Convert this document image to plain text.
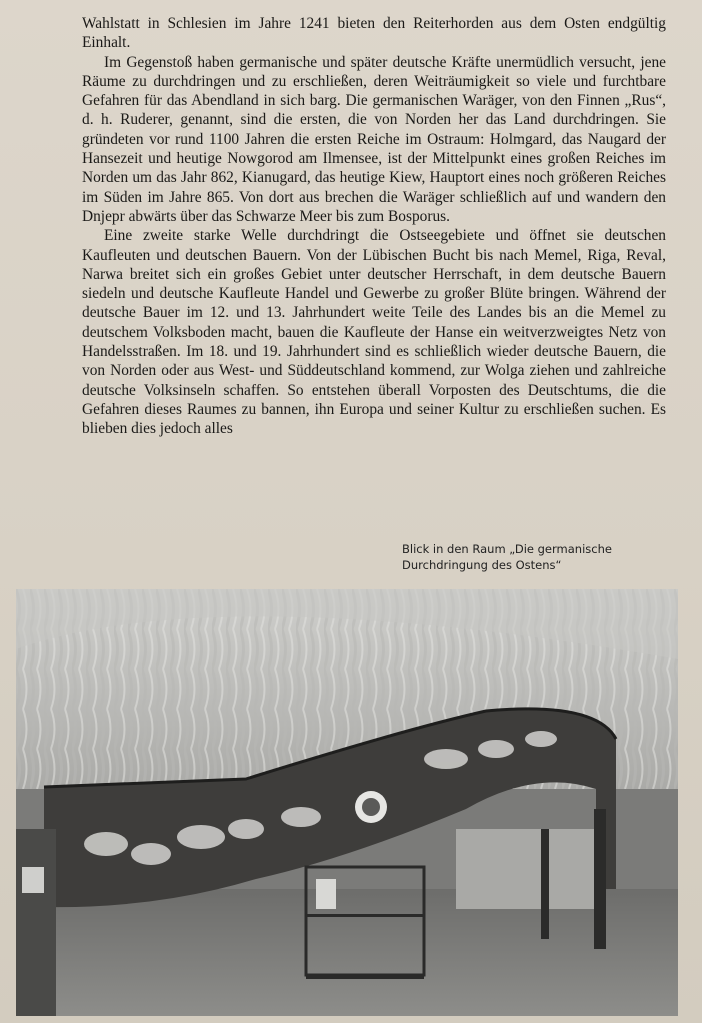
Wahlstatt in Schlesien im Jahre 1241 bieten den Reiterhorden aus dem Osten endgültig Einhalt.

Im Gegenstoß haben germanische und später deutsche Kräfte unermüdlich versucht, jene Räume zu durchdringen und zu erschließen, deren Weiträumigkeit so viele und furchtbare Gefahren für das Abendland in sich barg. Die germanischen Waräger, von den Finnen „Rus“, d. h. Ruderer, genannt, sind die ersten, die von Norden her das Land durchdringen. Sie gründeten vor rund 1100 Jahren die ersten Reiche im Ostraum: Holmgard, das Naugard der Hansezeit und heutige Nowgorod am Ilmensee, ist der Mittelpunkt eines großen Reiches im Norden um das Jahr 862, Kianugard, das heutige Kiew, Hauptort eines noch größeren Reiches im Süden im Jahre 865. Von dort aus brechen die Waräger schließlich auf und wandern den Dnjepr abwärts über das Schwarze Meer bis zum Bosporus.

Eine zweite starke Welle durchdringt die Ostseegebiete und öffnet sie deutschen Kaufleuten und deutschen Bauern. Von der Lübischen Bucht bis nach Memel, Riga, Reval, Narwa breitet sich ein großes Gebiet unter deutscher Herrschaft, in dem deutsche Bauern siedeln und deutsche Kaufleute Handel und Gewerbe zu großer Blüte bringen. Während der deutsche Bauer im 12. und 13. Jahrhundert weite Teile des Landes bis an die Memel zu deutschem Volksboden macht, bauen die Kaufleute der Hanse ein weitverzweigtes Netz von Handelsstraßen. Im 18. und 19. Jahrhundert sind es schließlich wieder deutsche Bauern, die von Norden oder aus West- und Süddeutschland kommend, zur Wolga ziehen und zahlreiche deutsche Volksinseln schaffen. So entstehen überall Vorposten des Deutschtums, die die Gefahren dieses Raumes zu bannen, ihn Europa und seiner Kultur zu erschließen suchen. Es blieben dies jedoch alles

Blick in den Raum „Die germanische
Durchdringung des Ostens“
